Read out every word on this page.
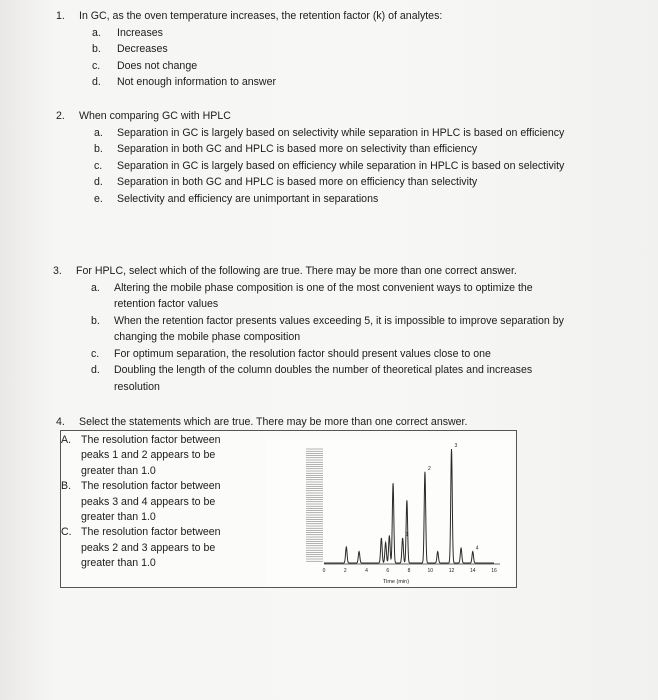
1. In GC, as the oven temperature increases, the retention factor (k) of analytes:
a.	Increases
b.	Decreases
c.	Does not change
d.	Not enough information to answer
2. When comparing GC with HPLC
a.	Separation in GC is largely based on selectivity while separation in HPLC is based on efficiency
b.	Separation in both GC and HPLC is based more on selectivity than efficiency
c.	Separation in GC is largely based on efficiency while separation in HPLC is based on selectivity
d.	Separation in both GC and HPLC is based more on efficiency than selectivity
e.	Selectivity and efficiency are unimportant in separations
3. For HPLC, select which of the following are true. There may be more than one correct answer.
a.	Altering the mobile phase composition is one of the most convenient ways to optimize the retention factor values
b.	When the retention factor presents values exceeding 5, it is impossible to improve separation by changing the mobile phase composition
c.	For optimum separation, the resolution factor should present values close to one
d.	Doubling the length of the column doubles the number of theoretical plates and increases resolution
4. Select the statements which are true. There may be more than one correct answer.
A. The resolution factor between peaks 1 and 2 appears to be greater than 1.0
B. The resolution factor between peaks 3 and 4 appears to be greater than 1.0
C. The resolution factor between peaks 2 and 3 appears to be greater than 1.0
1
2
3
4
0	2	4	6	8	10	12	14	16
Time (min)
